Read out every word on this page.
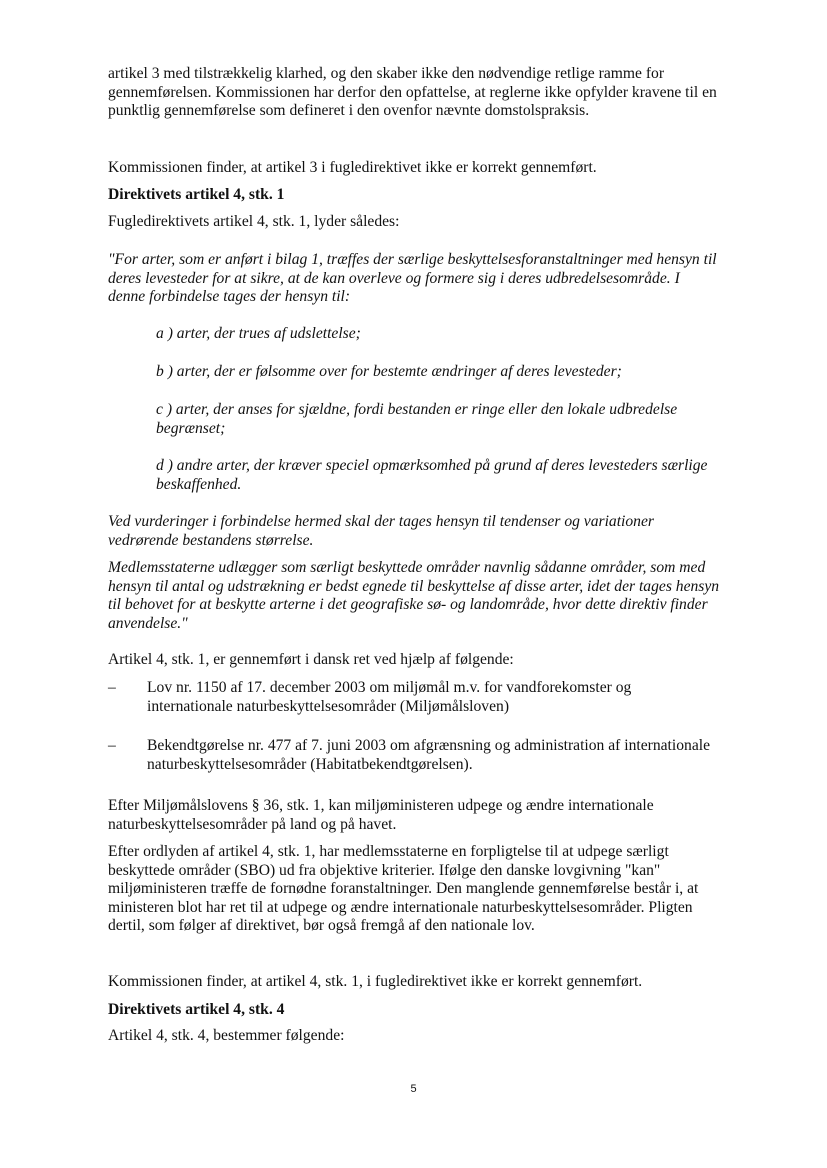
artikel 3 med tilstrækkelig klarhed, og den skaber ikke den nødvendige retlige ramme for gennemførelsen. Kommissionen har derfor den opfattelse, at reglerne ikke opfylder kravene til en punktlig gennemførelse som defineret i den ovenfor nævnte domstolspraksis.

Kommissionen finder, at artikel 3 i fugledirektivet ikke er korrekt gennemført.

Direktivets artikel 4, stk. 1

Fugledirektivets artikel 4, stk. 1, lyder således:

"For arter, som er anført i bilag 1, træffes der særlige beskyttelsesforanstaltninger med hensyn til deres levesteder for at sikre, at de kan overleve og formere sig i deres udbredelsesområde. I denne forbindelse tages der hensyn til:

a ) arter, der trues af udslettelse;

b ) arter, der er følsomme over for bestemte ændringer af deres levesteder;

c ) arter, der anses for sjældne, fordi bestanden er ringe eller den lokale udbredelse begrænset;

d ) andre arter, der kræver speciel opmærksomhed på grund af deres levesteders særlige beskaffenhed.

Ved vurderinger i forbindelse hermed skal der tages hensyn til tendenser og variationer vedrørende bestandens størrelse.

Medlemsstaterne udlægger som særligt beskyttede områder navnlig sådanne områder, som med hensyn til antal og udstrækning er bedst egnede til beskyttelse af disse arter, idet der tages hensyn til behovet for at beskytte arterne i det geografiske sø- og landområde, hvor dette direktiv finder anvendelse."

Artikel 4, stk. 1, er gennemført i dansk ret ved hjælp af følgende:

– Lov nr. 1150 af 17. december 2003 om miljømål m.v. for vandforekomster og internationale naturbeskyttelsesområder (Miljømålsloven)

– Bekendtgørelse nr. 477 af 7. juni 2003 om afgrænsning og administration af internationale naturbeskyttelsesområder (Habitatbekendtgørelsen).

Efter Miljømålslovens § 36, stk. 1, kan miljøministeren udpege og ændre internationale naturbeskyttelsesområder på land og på havet.

Efter ordlyden af artikel 4, stk. 1, har medlemsstaterne en forpligtelse til at udpege særligt beskyttede områder (SBO) ud fra objektive kriterier. Ifølge den danske lovgivning "kan" miljøministeren træffe de fornødne foranstaltninger. Den manglende gennemførelse består i, at ministeren blot har ret til at udpege og ændre internationale naturbeskyttelsesområder. Pligten dertil, som følger af direktivet, bør også fremgå af den nationale lov.

Kommissionen finder, at artikel 4, stk. 1, i fugledirektivet ikke er korrekt gennemført.

Direktivets artikel 4, stk. 4

Artikel 4, stk. 4, bestemmer følgende:

5
